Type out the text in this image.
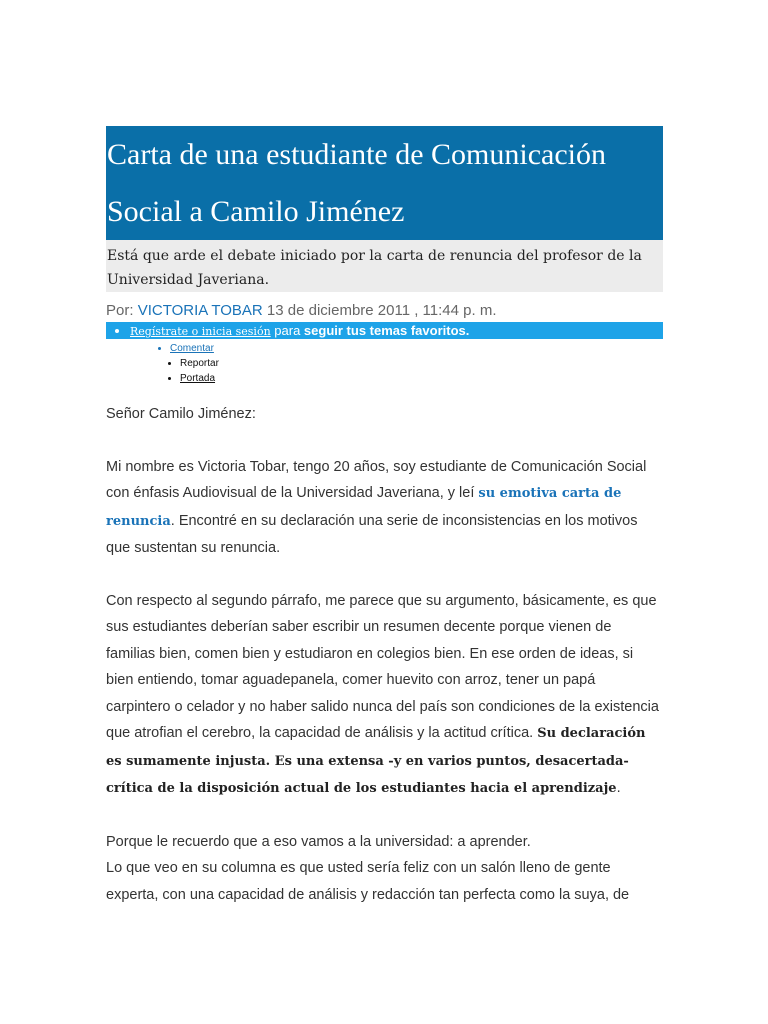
Carta de una estudiante de Comunicación Social a Camilo Jiménez
Está que arde el debate iniciado por la carta de renuncia del profesor de la Universidad Javeriana.
Por: VICTORIA TOBAR 13 de diciembre 2011 , 11:44 p. m.
• Regístrate o inicia sesión para seguir tus temas favoritos.
• Comentar
• Reportar
• Portada

Señor Camilo Jiménez:

Mi nombre es Victoria Tobar, tengo 20 años, soy estudiante de Comunicación Social con énfasis Audiovisual de la Universidad Javeriana, y leí su emotiva carta de renuncia. Encontré en su declaración una serie de inconsistencias en los motivos que sustentan su renuncia.

Con respecto al segundo párrafo, me parece que su argumento, básicamente, es que sus estudiantes deberían saber escribir un resumen decente porque vienen de familias bien, comen bien y estudiaron en colegios bien. En ese orden de ideas, si bien entiendo, tomar aguadepanela, comer huevito con arroz, tener un papá carpintero o celador y no haber salido nunca del país son condiciones de la existencia que atrofian el cerebro, la capacidad de análisis y la actitud crítica. Su declaración es sumamente injusta. Es una extensa -y en varios puntos, desacertada- crítica de la disposición actual de los estudiantes hacia el aprendizaje.

Porque le recuerdo que a eso vamos a la universidad: a aprender.

Lo que veo en su columna es que usted sería feliz con un salón lleno de gente experta, con una capacidad de análisis y redacción tan perfecta como la suya, de
